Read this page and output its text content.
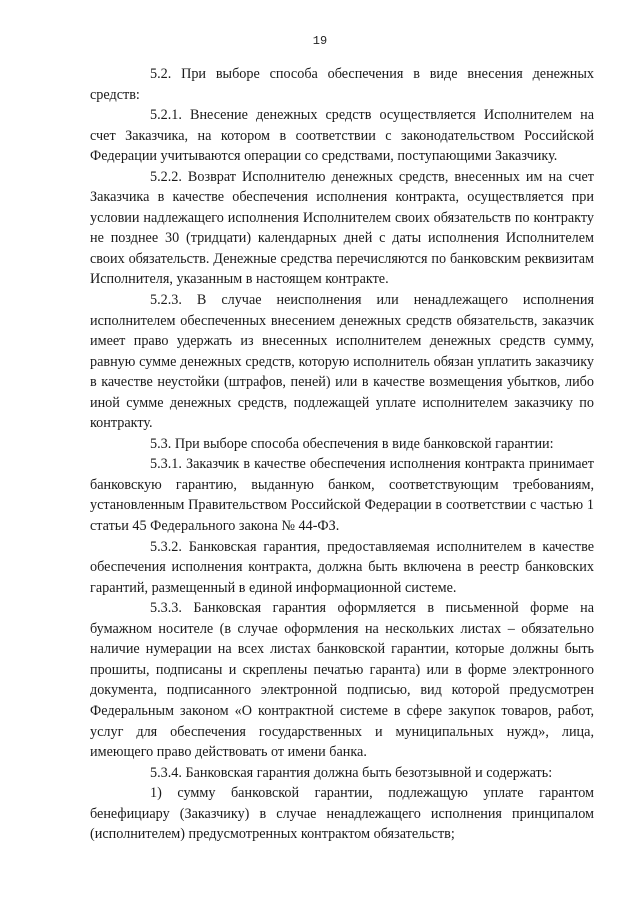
19

5.2. При выборе способа обеспечения в виде внесения денежных средств:

5.2.1. Внесение денежных средств осуществляется Исполнителем на счет Заказчика, на котором в соответствии с законодательством Российской Федерации учитываются операции со средствами, поступающими Заказчику.

5.2.2. Возврат Исполнителю денежных средств, внесенных им на счет Заказчика в качестве обеспечения исполнения контракта, осуществляется при условии надлежащего исполнения Исполнителем своих обязательств по контракту не позднее 30 (тридцати) календарных дней с даты исполнения Исполнителем своих обязательств. Денежные средства перечисляются по банковским реквизитам Исполнителя, указанным в настоящем контракте.

5.2.3. В случае неисполнения или ненадлежащего исполнения исполнителем обеспеченных внесением денежных средств обязательств, заказчик имеет право удержать из внесенных исполнителем денежных средств сумму, равную сумме денежных средств, которую исполнитель обязан уплатить заказчику в качестве неустойки (штрафов, пеней) или в качестве возмещения убытков, либо иной сумме денежных средств, подлежащей уплате исполнителем заказчику по контракту.

5.3. При выборе способа обеспечения в виде банковской гарантии:

5.3.1. Заказчик в качестве обеспечения исполнения контракта принимает банковскую гарантию, выданную банком, соответствующим требованиям, установленным Правительством Российской Федерации в соответствии с частью 1 статьи 45 Федерального закона № 44-ФЗ.

5.3.2. Банковская гарантия, предоставляемая исполнителем в качестве обеспечения исполнения контракта, должна быть включена в реестр банковских гарантий, размещенный в единой информационной системе.

5.3.3. Банковская гарантия оформляется в письменной форме на бумажном носителе (в случае оформления на нескольких листах – обязательно наличие нумерации на всех листах банковской гарантии, которые должны быть прошиты, подписаны и скреплены печатью гаранта) или в форме электронного документа, подписанного электронной подписью, вид которой предусмотрен Федеральным законом «О контрактной системе в сфере закупок товаров, работ, услуг для обеспечения государственных и муниципальных нужд», лица, имеющего право действовать от имени банка.

5.3.4. Банковская гарантия должна быть безотзывной и содержать:

1) сумму банковской гарантии, подлежащую уплате гарантом бенефициару (Заказчику) в случае ненадлежащего исполнения принципалом (исполнителем) предусмотренных контрактом обязательств;
